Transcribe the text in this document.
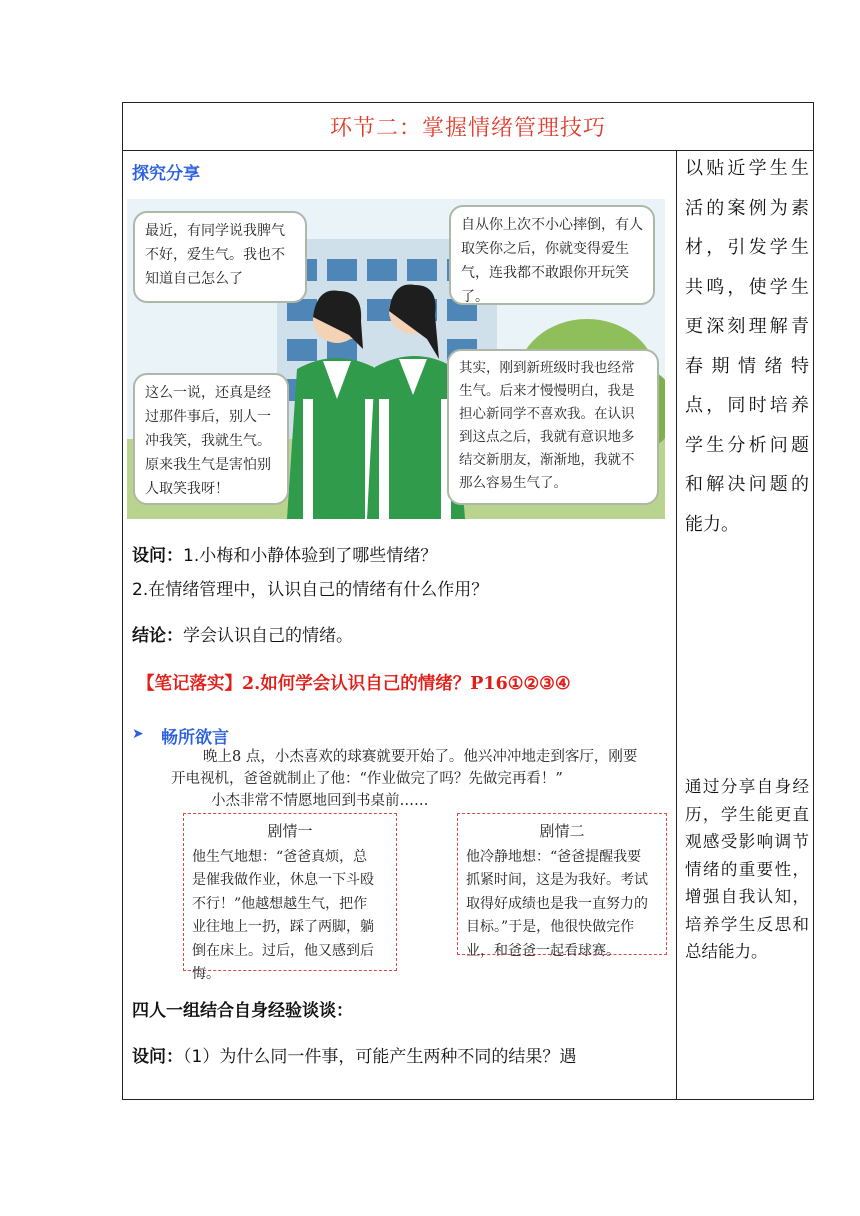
环节二：掌握情绪管理技巧
探究分享
最近，有同学说我脾气不好，爱生气。我也不知道自己怎么了
自从你上次不小心摔倒，有人取笑你之后，你就变得爱生气，连我都不敢跟你开玩笑了。
这么一说，还真是经过那件事后，别人一冲我笑，我就生气。原来我生气是害怕别人取笑我呀！
其实，刚到新班级时我也经常生气。后来才慢慢明白，我是担心新同学不喜欢我。在认识到这点之后，我就有意识地多结交新朋友，渐渐地，我就不那么容易生气了。
设问：1.小梅和小静体验到了哪些情绪？
2.在情绪管理中，认识自己的情绪有什么作用？
结论：学会认识自己的情绪。
【笔记落实】2.如何学会认识自己的情绪？P16①②③④
➤ 畅所欲言
晚上8 点，小杰喜欢的球赛就要开始了。他兴冲冲地走到客厅，刚要
开电视机，爸爸就制止了他：“作业做完了吗？先做完再看！”
小杰非常不情愿地回到书桌前……
剧情一
他生气地想：“爸爸真烦，总
是催我做作业，休息一下斗殴
不行！”他越想越生气，把作
业往地上一扔，踩了两脚，躺
倒在床上。过后，他又感到后
悔。
剧情二
他冷静地想：“爸爸提醒我要
抓紧时间，这是为我好。考试
取得好成绩也是我一直努力的
目标。”于是，他很快做完作
业，和爸爸一起看球赛。
四人一组结合自身经验谈谈：
设问：（1）为什么同一件事，可能产生两种不同的结果？遇

以贴近学生生活的案例为素材，引发学生共鸣，使学生更深刻理解青春期情绪特点，同时培养学生分析问题和解决问题的能力。

通过分享自身经历，学生能更直观感受影响调节情绪的重要性，增强自我认知，培养学生反思和总结能力。
